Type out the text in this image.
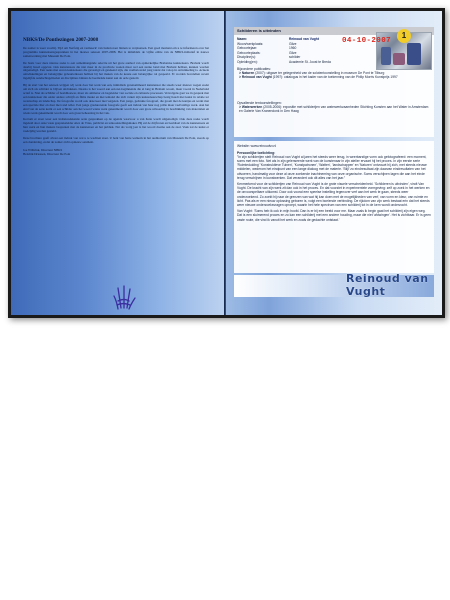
NBKS/De Pontlezingen 2007-2008

De zomer is weer voorbij. Tijd om 'herfstig en vermaeck' van buiten naar binnen te verplaatsen. Een goed moment om u te informeren over het programma kunstenaarsgesprekken in het nieuwe seizoen 2007-2008. Het is inmiddels de vijfde editie van de NBKS-initiatief in nauwe samenwerking met Museum De Pont.

De basis voor deze nieuwe reeks is een samenhangende selectie uit het grote aanbod van opmerkelijke Brabantse kunstenaars. Brabant wordt daarbij breed opgevat. Ook kunstenaars die niet meer in de provincie wonen maar wel een sterke band met Brabant hebben, kunnen worden uitgenodigd. Een reeks met zeven kunstenaars die gevestigd en getekend zijn, die veelbelovend jong talent dat volop in ontwikkeling is. Actuele ontwikkelingen en belangrijke gebeurtenissen hebben bij het maken van de keuze een belangrijke rol gespeeld. Er worden bovendien recent ingelijfde aandachtsgebieden en disciplines binnen de beeldende kunst aan de orde gesteld.

Bij de start van het seizoen wrijgen wij werk door het werk van een, inmiddels gerenommeerd kunstenaar die steeds weer nieuwe wegen zoekt om zich als schilder te blijven uitdrukken. Daarna is het woord aan een net-beginnende die al lang in Brabant woont, maar vooral in Nederland actief is. Niet als schilder of beeldhouwer, maar als animator en begeleider van sociale en culturele processen. Vervolgens gaat we in gesprek met een kunstenaar die onder andere schrijft en films maakt en met iemand die zich vanuit zijn kunstenaarschap bezig houdt met kunst in relatie tot wetenschap en landschap. De fotografie wordt ook deze keer niet vergeten. Een jonge, gedrukte fotograaf, die groeit met de kantjes en werkt met een speciale hier en daar met rand teller. Een jonge gradurerende fotografe geeft een indruk van haar nog prille maar veelvuldige werk. Aan het eind van de serie komt er een schilder aan het woord wiens werk gekenmerkt wordt door een grote uitvoering in beschikking van materialen en wiens werk gekenmerkt wordt door een grote beheersing in het vak.

Kortom er staat weer een indrukwekkende serie gesprekken op de agenda waarvoor u van harte wordt uitgenodigd. Ook deze reeks wordt ingeleid door onze vaste gespreksleider Alex de Vries, publicist en tentoonstellingsmaker. Hij zal de drijfveren en beeldtaal van de kunstenaars en hun werk en hun makers bespreken met de kunstenaar en het publiek. Net als vorig jaar is het woord daarna aan de zaal. Vaak zal de kunst er veelzijdig worden gesteld.

Deze brochure geeft alvast een indruk van wat u te wachten staat. U bent van harte welkom in het auditorium van Museum De Pont, steeds op een donderdag, zodat de zomer zicht opnieuw aandient.

Joe Wilbrink, Directeur NBKS
Hendrik Driessen, Directeur De Pont
Schilderen is uitvinden
Naam:	Reinoud van Vught
Woon/werkplaats:	Gilze
Geboortejaar:	1960
Geboorteplaats:	Gilze
Discipline(s):	schilder
Opleiding(en):	Academie St. Joost te Breda
1
04-10-2007
Bijzondere publicaties:
> Naturen (2007): uitgave ter gelegenheid van de solotentoonstelling in museum De Pont te Tilburg
> Reinoud van Vught (1997): catalogus in het kader van de toekenning van de Philip Morris Kunstprijs 1997
Opvallende tentoonstellingen:
> Waterwerken (2005-2006): expositie met schilderijen van waterwerkzaamheden Stichting Kunsten aan het Water in Amsterdam en Galerie Van Kranendonk in Den Haag
Website: www.reinoudvv.nl
Persoonlijke toelichting:

"In zijn schilderijen stelt Reinoud van Vught al jaren het steeds weer terug, in weerbarstige vorm ook gefotografeerd: een moment, soms met een foto. Net als in zijn gelenseerde werk van de kunstenaar in zijn atelier ervaart hij het proces. In zijn eerste serie 'Ruimteduiding' 'Konstruktieve Tuinen', 'Kunstpatronen', 'Watten', 'landschappen' en 'Naturen' ontvouwt hij zich, met steeds nieuwe middelen, wederom het eindpunt van een lange dialoog met de materie. 'Stijl' zo eindresultaat zijn daarvan eindresultaten van het uitvoeren, handmatig voor deze al onze zoekende inachtneming van onze organische. Soms verschijnen lagen die aan het einde terug verschijnen in kunstwerken. Dat verandert ook dit alles van het jaar."

Kenmerkend voor de schilderijen van Reinoud van Vught is de grote visuele verscheidenheid. 'Schilderen is uitvinden', vindt Van Vught. De kracht van zijn werk zit dan ook in het proces. En dat voorziet in experimentele vormgeving: zelf op zoek in het werken en de onvoorspelbare uitkomst. Door ook vooral een speelse instelling tegenover verf aan het werk te gaan, steeds weer onderzoekend. Zo zoekt hij naar de grenzen van wat hij kan doen met de mogelijkheden van verf, van vorm en kleur, van ruimte en licht. Pas als er een nieuw oplossing geboren is, volgt een boeiende verbinding. De rijkdom van zijn werk bestaat erin dat het steeds weer nieuwe onderzoeksvragen oproept, waarin het hele spectrum van een schilderij tot in de kern wordt onderzocht.

Van Vught: 'Soms heb ik ook in mijn hoofd. Dan is er bij een beeld voor me. Maar zoals ik begin gaat het schilderij zijn eigen weg. Dat is een sluimerend proces en zo kan een schilderij met een andere houding, maar die niet 'afdwingen'. Het is zichtbaar. Er is geen vaste route, die vind ik vanuit het werk en zoals de gedachte ontstaat.'

Reinoud van Vught
